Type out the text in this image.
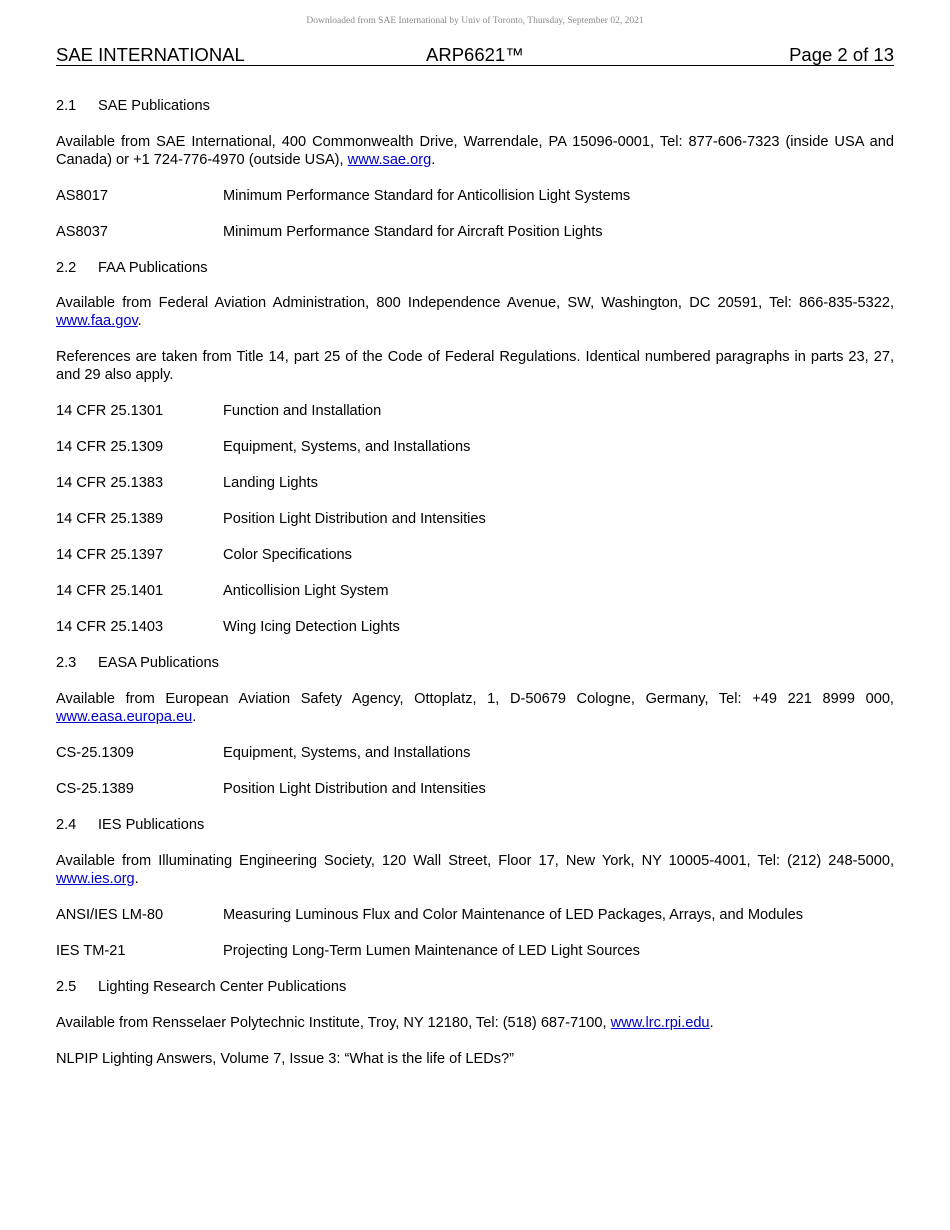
Downloaded from SAE International by Univ of Toronto, Thursday, September 02, 2021
SAE INTERNATIONAL	ARP6621™	Page 2 of 13

2.1 SAE Publications

Available from SAE International, 400 Commonwealth Drive, Warrendale, PA 15096-0001, Tel: 877-606-7323 (inside USA and Canada) or +1 724-776-4970 (outside USA), www.sae.org.

AS8017	Minimum Performance Standard for Anticollision Light Systems

AS8037	Minimum Performance Standard for Aircraft Position Lights

2.2 FAA Publications

Available from Federal Aviation Administration, 800 Independence Avenue, SW, Washington, DC 20591, Tel: 866-835-5322, www.faa.gov.

References are taken from Title 14, part 25 of the Code of Federal Regulations. Identical numbered paragraphs in parts 23, 27, and 29 also apply.

14 CFR 25.1301	Function and Installation

14 CFR 25.1309	Equipment, Systems, and Installations

14 CFR 25.1383	Landing Lights

14 CFR 25.1389	Position Light Distribution and Intensities

14 CFR 25.1397	Color Specifications

14 CFR 25.1401	Anticollision Light System

14 CFR 25.1403	Wing Icing Detection Lights

2.3 EASA Publications

Available from European Aviation Safety Agency, Ottoplatz, 1, D-50679 Cologne, Germany, Tel: +49 221 8999 000, www.easa.europa.eu.

CS-25.1309	Equipment, Systems, and Installations

CS-25.1389	Position Light Distribution and Intensities

2.4 IES Publications

Available from Illuminating Engineering Society, 120 Wall Street, Floor 17, New York, NY 10005-4001, Tel: (212) 248-5000, www.ies.org.

ANSI/IES LM-80	Measuring Luminous Flux and Color Maintenance of LED Packages, Arrays, and Modules

IES TM-21	Projecting Long-Term Lumen Maintenance of LED Light Sources

2.5 Lighting Research Center Publications

Available from Rensselaer Polytechnic Institute, Troy, NY 12180, Tel: (518) 687-7100, www.lrc.rpi.edu.

NLPIP Lighting Answers, Volume 7, Issue 3: “What is the life of LEDs?”
